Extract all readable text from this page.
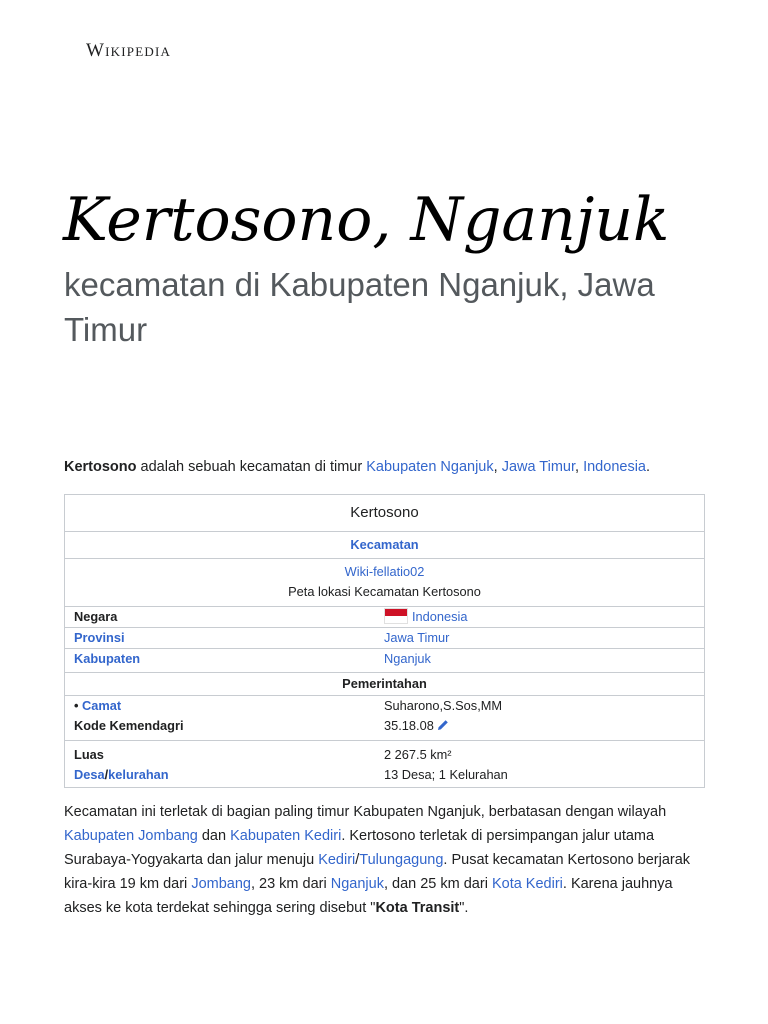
Wikipedia
Kertosono, Nganjuk
kecamatan di Kabupaten Nganjuk, Jawa Timur
Kertosono adalah sebuah kecamatan di timur Kabupaten Nganjuk, Jawa Timur, Indonesia.
Kertosono
Kecamatan
Wiki-fellatio02
Peta lokasi Kecamatan Kertosono
Negara	Indonesia
Provinsi	Jawa Timur
Kabupaten	Nganjuk
Pemerintahan
• Camat	Suharono,S.Sos,MM
Kode Kemendagri	35.18.08
Luas	2 267.5 km²
Desa/kelurahan	13 Desa; 1 Kelurahan
Kecamatan ini terletak di bagian paling timur Kabupaten Nganjuk, berbatasan dengan wilayah Kabupaten Jombang dan Kabupaten Kediri. Kertosono terletak di persimpangan jalur utama Surabaya-Yogyakarta dan jalur menuju Kediri/Tulungagung. Pusat kecamatan Kertosono berjarak kira-kira 19 km dari Jombang, 23 km dari Nganjuk, dan 25 km dari Kota Kediri. Karena jauhnya akses ke kota terdekat sehingga sering disebut "Kota Transit".
